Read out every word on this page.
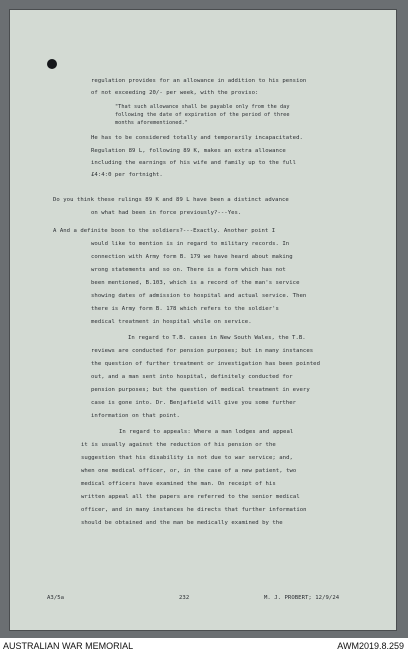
regulation provides for an allowance in addition to his pension
of not exceeding 20/- per week, with the proviso:
"That such allowance shall be payable only from the day
following the date of expiration of the period of three
months aforementioned."
He has to be considered totally and temporarily incapacitated.
Regulation 89 L, following 89 K, makes an extra allowance
including the earnings of his wife and family up to the full
£4:4:0 per fortnight.
Do you think these rulings 89 K and 89 L have been a distinct advance
on what had been in force previously?---Yes.
A And a definite boon to the soldiers?---Exactly. Another point I
would like to mention is in regard to military records. In
connection with Army form B. 179 we have heard about making
wrong statements and so on. There is a form which has not
been mentioned, B.103, which is a record of the man's service
showing dates of admission to hospital and actual service. Then
there is Army form B. 178 which refers to the soldier's
medical treatment in hospital while on service.
In regard to T.B. cases in New South Wales, the T.B.
reviews are conducted for pension purposes; but in many instances
the question of further treatment or investigation has been pointed
out, and a man sent into hospital, definitely conducted for
pension purposes; but the question of medical treatment in every
case is gone into. Dr. Benjafield will give you some further
information on that point.
In regard to appeals: Where a man lodges and appeal
it is usually against the reduction of his pension or the
suggestion that his disability is not due to war service; and,
when one medical officer, or, in the case of a new patient, two
medical officers have examined the man. On receipt of his
written appeal all the papers are referred to the senior medical
officer, and in many instances he directs that further information
should be obtained and the man be medically examined by the
A3/5a	232	M. J. PROBERT; 12/9/24
AUSTRALIAN WAR MEMORIAL	AWM2019.8.259
